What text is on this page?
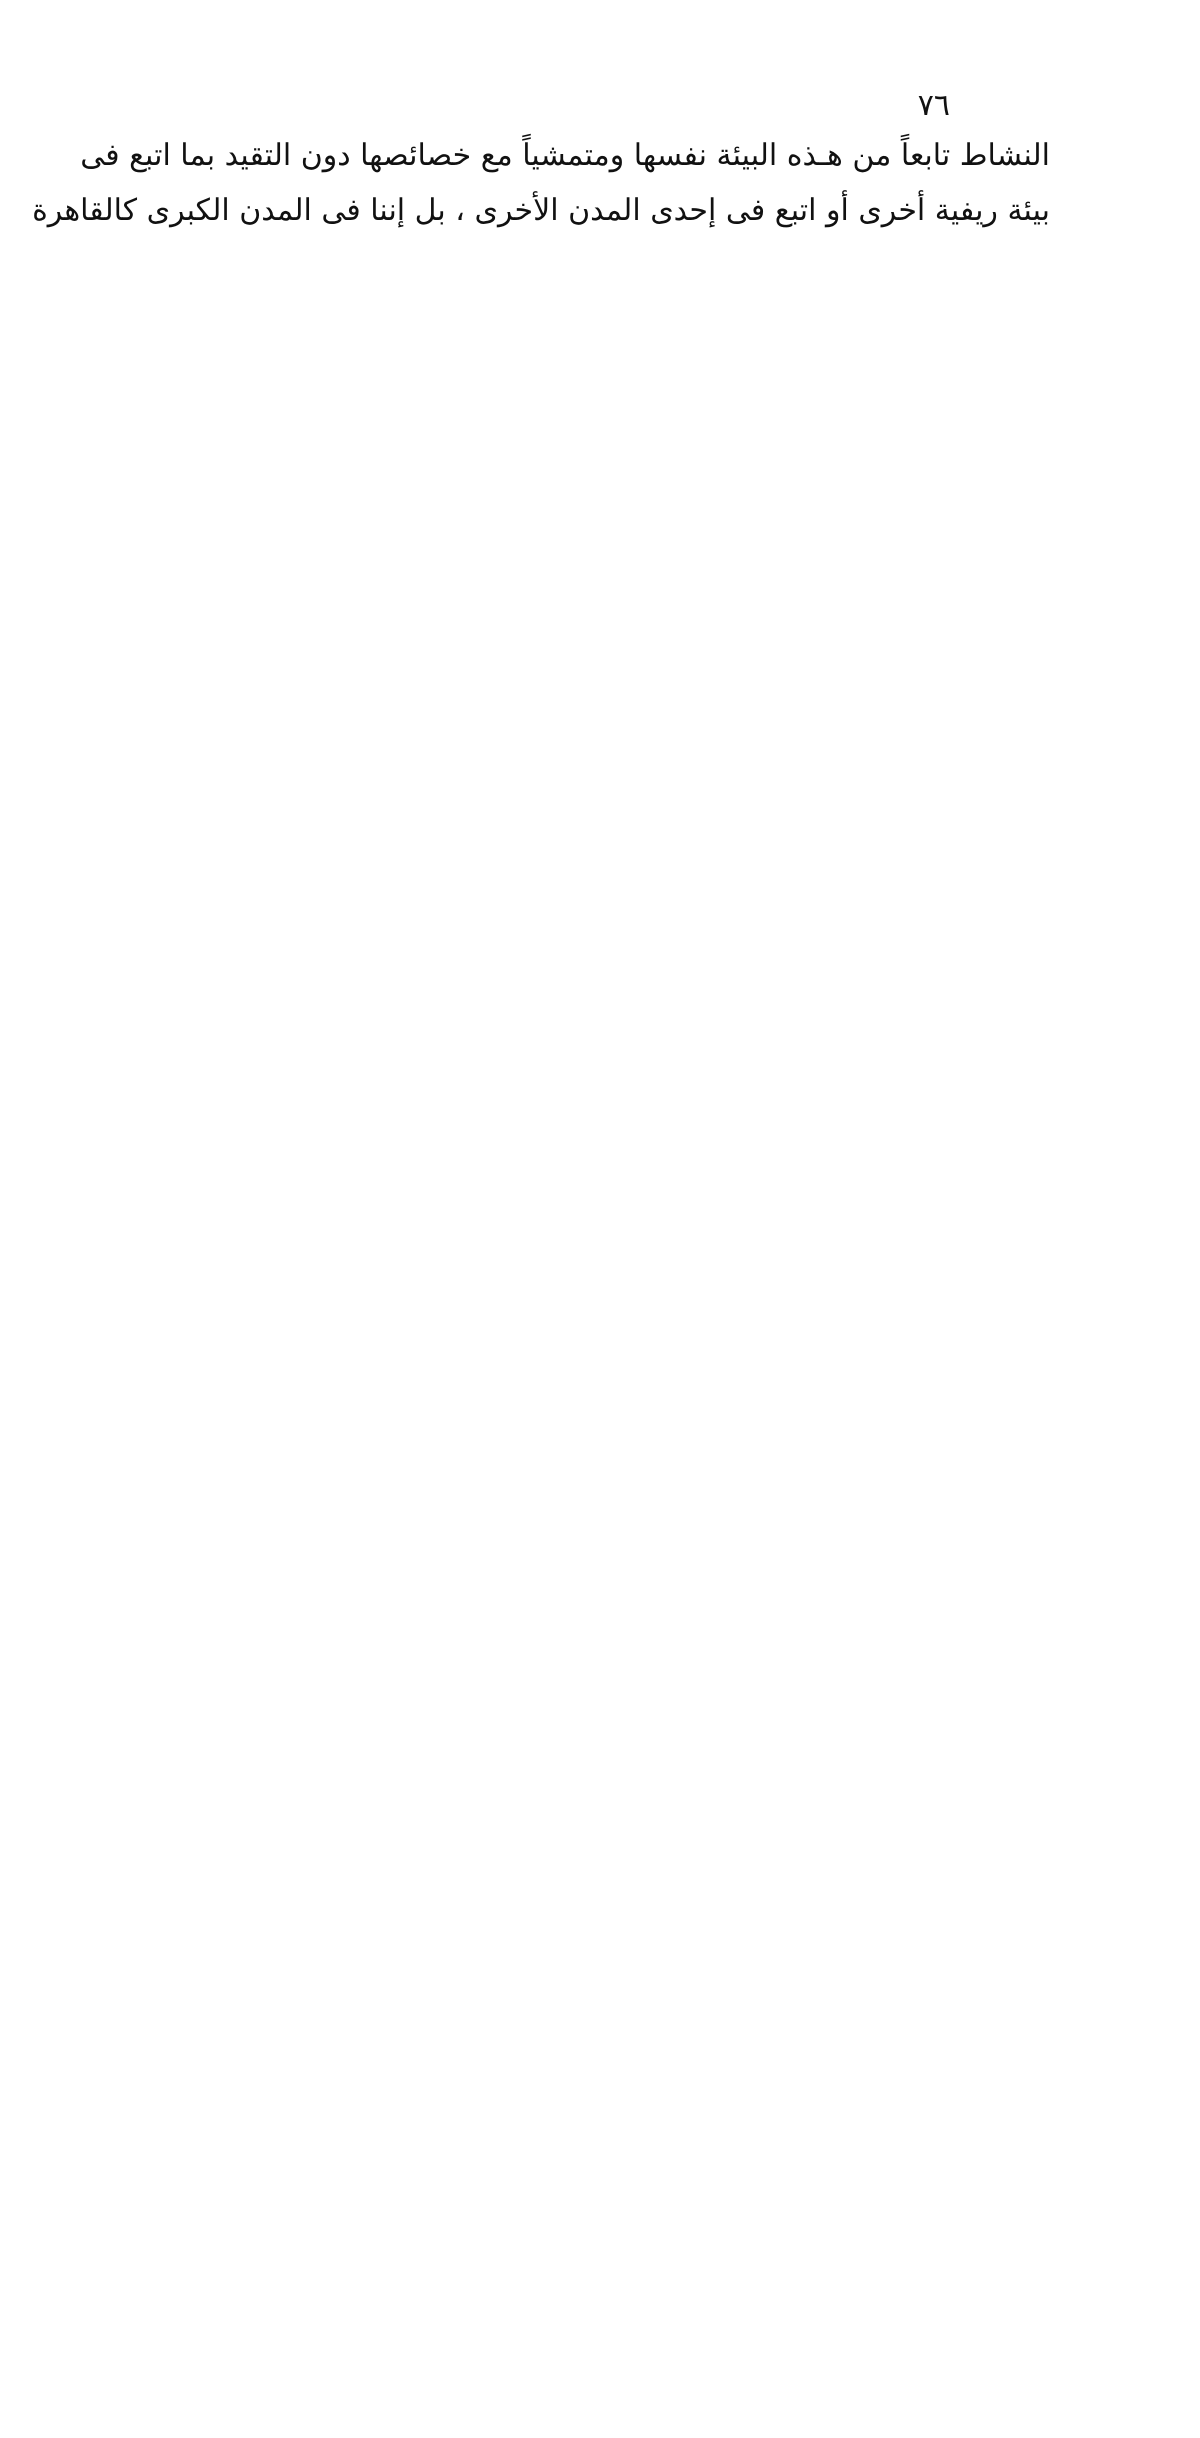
٧٦
النشاط تابعاً من هـذه البيئة نفسها ومتمشياً مع خصائصها دون التقيد بما اتبع فى
بيئة ريفية أخرى أو اتبع فى إحدى المدن الأخرى ، بل إننا فى المدن الكبرى كالقاهرة
